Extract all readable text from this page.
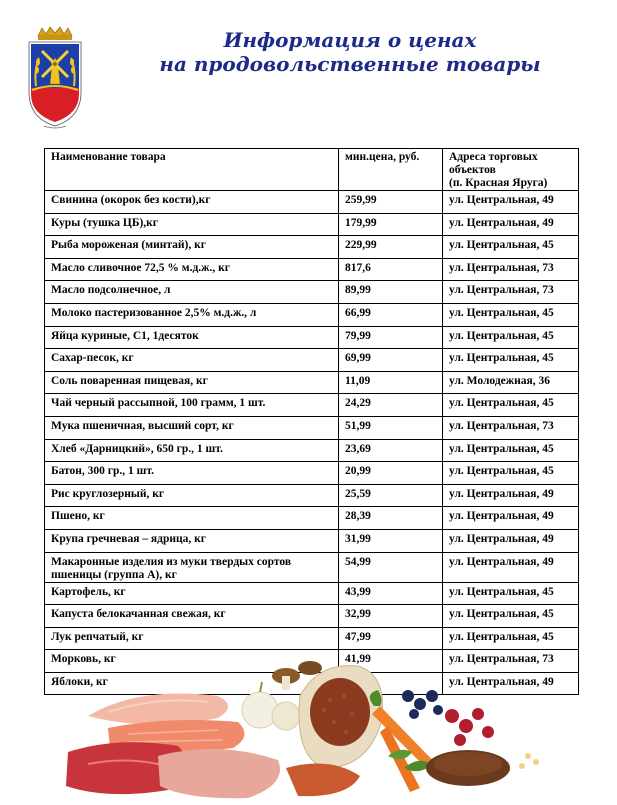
Информация о ценах
на продовольственные товары
Наименование товара	мин.цена, руб.	Адреса торговых объектов
(п. Красная Яруга)
Свинина (окорок без кости),кг	259,99	ул. Центральная, 49
Куры (тушка ЦБ),кг	179,99	ул. Центральная, 49
Рыба мороженая (минтай), кг	229,99	ул. Центральная, 45
Масло сливочное 72,5 % м.д.ж., кг	817,6	ул. Центральная, 73
Масло подсолнечное, л	89,99	ул. Центральная, 73
Молоко пастеризованное 2,5% м.д.ж., л	66,99	ул. Центральная, 45
Яйца куриные, С1, 1десяток	79,99	ул. Центральная, 45
Сахар-песок, кг	69,99	ул. Центральная, 45
Соль поваренная пищевая, кг	11,09	ул. Молодежная, 36
Чай черный рассыпной, 100 грамм, 1 шт.	24,29	ул. Центральная, 45
Мука пшеничная, высший сорт, кг	51,99	ул. Центральная, 73
Хлеб «Дарницкий», 650 гр., 1 шт.	23,69	ул. Центральная, 45
Батон, 300 гр., 1 шт.	20,99	ул. Центральная, 45
Рис круглозерный, кг	25,59	ул. Центральная, 49
Пшено, кг	28,39	ул. Центральная, 49
Крупа гречневая – ядрица, кг	31,99	ул. Центральная, 49
Макаронные изделия из муки твердых сортов пшеницы (группа А), кг	54,99	ул. Центральная, 49
Картофель, кг	43,99	ул. Центральная, 45
Капуста белокачанная свежая, кг	32,99	ул. Центральная, 45
Лук репчатый, кг	47,99	ул. Центральная, 45
Морковь, кг	41,99	ул. Центральная, 73
Яблоки, кг		ул. Центральная, 49
